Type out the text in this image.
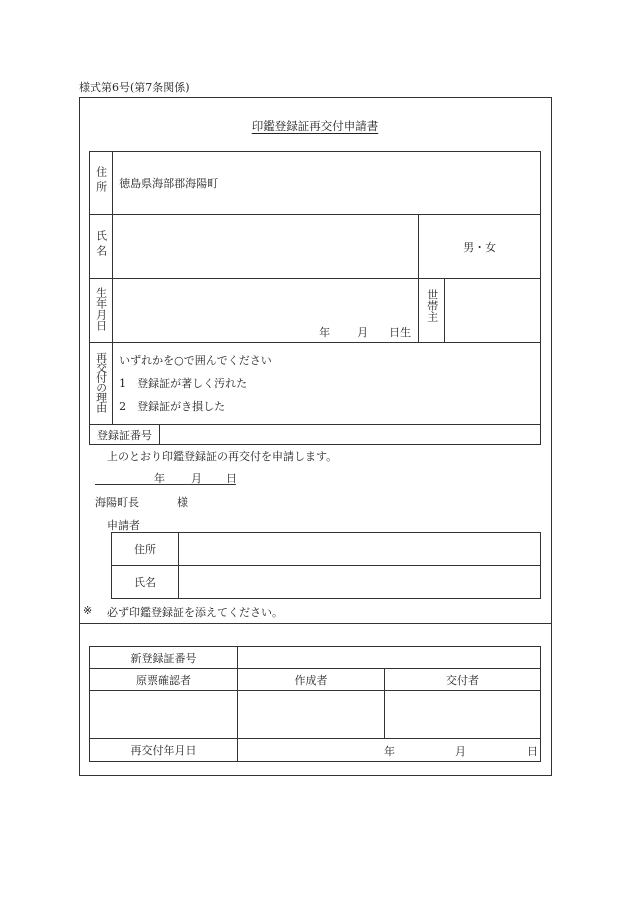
様式第6号(第7条関係)
印鑑登録証再交付申請書
住所	徳島県海部郡海陽町		
氏名		男・女	
生年月日	年 月 日生	世帯主	
再交付の理由	いずれかを○で囲んでください
1 登録証が著しく汚れた
2 登録証がき損した		
登録証番号	
上のとおり印鑑登録証の再交付を申請します。
年 月 日
海陽町長	様
申請者
住所	
氏名	
※ 必ず印鑑登録証を添えてください。
新登録証番号		
原票確認者	作成者	交付者

再交付年月日	年 月 日	
